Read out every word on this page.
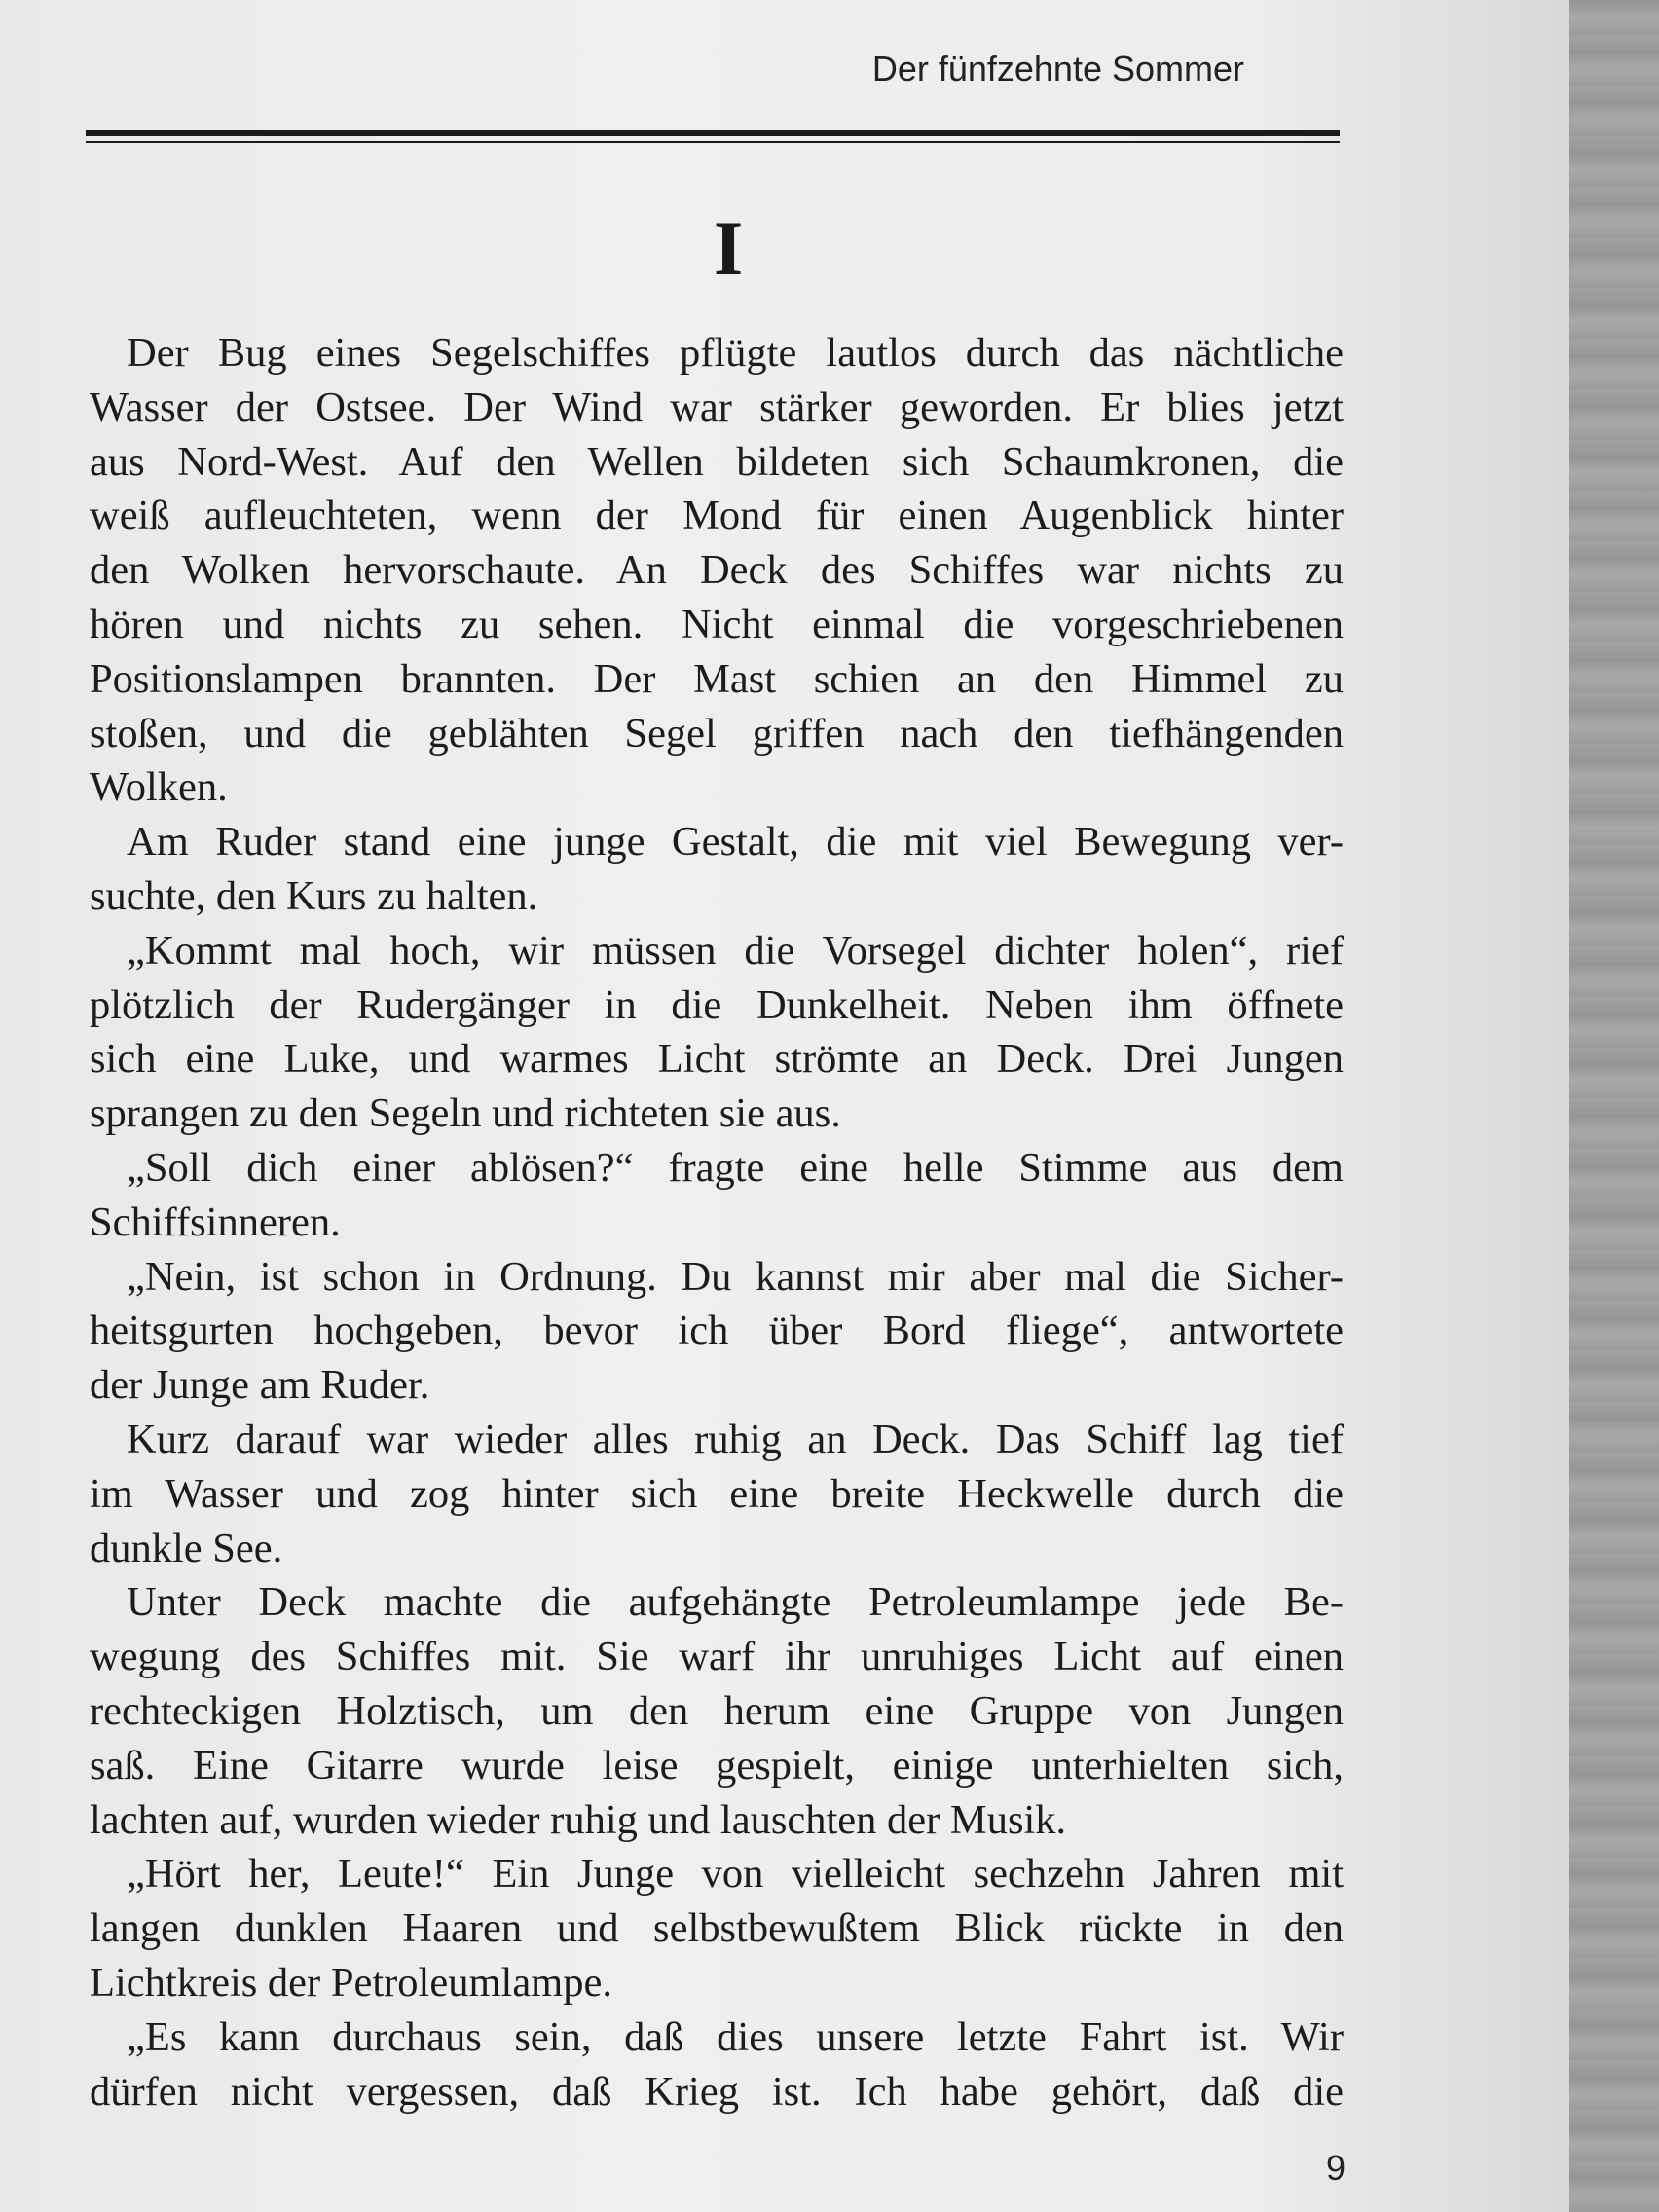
Der fünfzehnte Sommer
I
Der Bug eines Segelschiffes pflügte lautlos durch das nächtliche
Wasser der Ostsee. Der Wind war stärker geworden. Er blies jetzt
aus Nord-West. Auf den Wellen bildeten sich Schaumkronen, die
weiß aufleuchteten, wenn der Mond für einen Augenblick hinter
den Wolken hervorschaute. An Deck des Schiffes war nichts zu
hören und nichts zu sehen. Nicht einmal die vorgeschriebenen
Positionslampen brannten. Der Mast schien an den Himmel zu
stoßen, und die geblähten Segel griffen nach den tiefhängenden
Wolken.
Am Ruder stand eine junge Gestalt, die mit viel Bewegung ver-
suchte, den Kurs zu halten.
„Kommt mal hoch, wir müssen die Vorsegel dichter holen“, rief
plötzlich der Rudergänger in die Dunkelheit. Neben ihm öffnete
sich eine Luke, und warmes Licht strömte an Deck. Drei Jungen
sprangen zu den Segeln und richteten sie aus.
„Soll dich einer ablösen?“ fragte eine helle Stimme aus dem
Schiffsinneren.
„Nein, ist schon in Ordnung. Du kannst mir aber mal die Sicher-
heitsgurten hochgeben, bevor ich über Bord fliege“, antwortete
der Junge am Ruder.
Kurz darauf war wieder alles ruhig an Deck. Das Schiff lag tief
im Wasser und zog hinter sich eine breite Heckwelle durch die
dunkle See.
Unter Deck machte die aufgehängte Petroleumlampe jede Be-
wegung des Schiffes mit. Sie warf ihr unruhiges Licht auf einen
rechteckigen Holztisch, um den herum eine Gruppe von Jungen
saß. Eine Gitarre wurde leise gespielt, einige unterhielten sich,
lachten auf, wurden wieder ruhig und lauschten der Musik.
„Hört her, Leute!“ Ein Junge von vielleicht sechzehn Jahren mit
langen dunklen Haaren und selbstbewußtem Blick rückte in den
Lichtkreis der Petroleumlampe.
„Es kann durchaus sein, daß dies unsere letzte Fahrt ist. Wir
dürfen nicht vergessen, daß Krieg ist. Ich habe gehört, daß die
9
